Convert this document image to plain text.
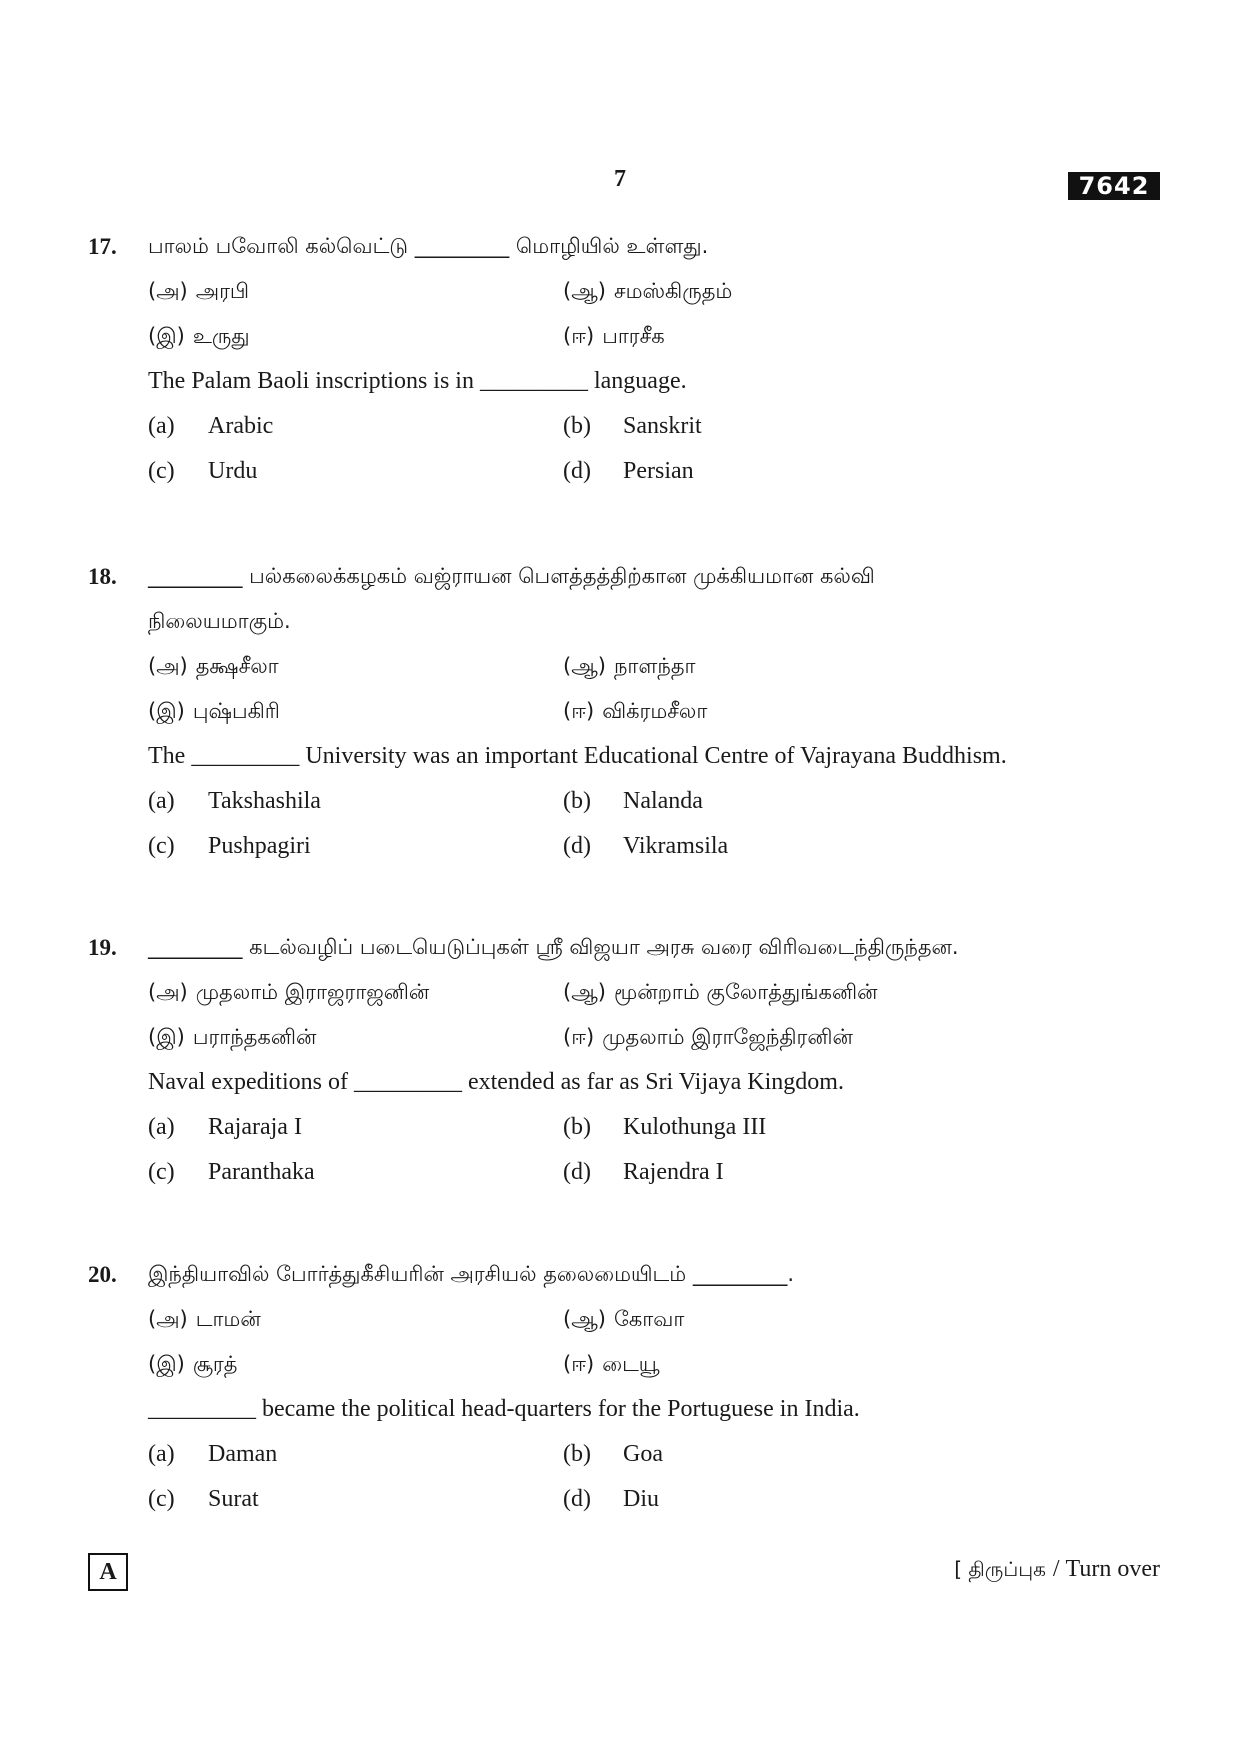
7	7642
17. பாலம் பவோலி கல்வெட்டு _________ மொழியில் உள்ளது.
(அ) அரபி	(ஆ) சமஸ்கிருதம்
(இ) உருது	(ஈ) பாரசீக
The Palam Baoli inscriptions is in _________ language.
(a) Arabic	(b) Sanskrit
(c) Urdu	(d) Persian
18. _________ பல்கலைக்கழகம் வஜ்ராயன பௌத்தத்திற்கான முக்கியமான கல்வி
நிலையமாகும்.
(அ) தக்ஷசீலா	(ஆ) நாளந்தா
(இ) புஷ்பகிரி	(ஈ) விக்ரமசீலா
The _________ University was an important Educational Centre of Vajrayana Buddhism.
(a) Takshashila	(b) Nalanda
(c) Pushpagiri	(d) Vikramsila
19. _________ கடல்வழிப் படையெடுப்புகள் ஸ்ரீ விஜயா அரசு வரை விரிவடைந்திருந்தன.
(அ) முதலாம் இராஜராஜனின்	(ஆ) மூன்றாம் குலோத்துங்கனின்
(இ) பராந்தகனின்	(ஈ) முதலாம் இராஜேந்திரனின்
Naval expeditions of _________ extended as far as Sri Vijaya Kingdom.
(a) Rajaraja I	(b) Kulothunga III
(c) Paranthaka	(d) Rajendra I
20. இந்தியாவில் போர்த்துகீசியரின் அரசியல் தலைமையிடம் _________.
(அ) டாமன்	(ஆ) கோவா
(இ) சூரத்	(ஈ) டையூ
_________ became the political head-quarters for the Portuguese in India.
(a) Daman	(b) Goa
(c) Surat	(d) Diu
A	[ திருப்புக / Turn over
